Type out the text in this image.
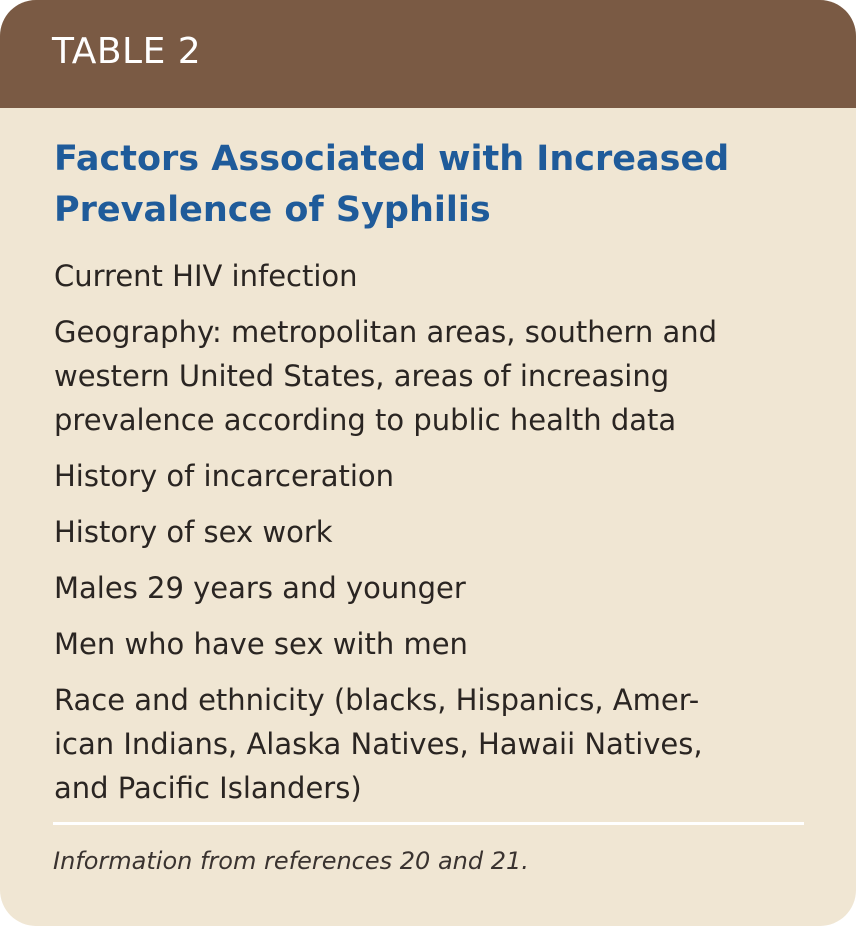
TABLE 2
Factors Associated with Increased
Prevalence of Syphilis
Current HIV infection
Geography: metropolitan areas, southern and
western United States, areas of increasing
prevalence according to public health data
History of incarceration
History of sex work
Males 29 years and younger
Men who have sex with men
Race and ethnicity (blacks, Hispanics, Amer-
ican Indians, Alaska Natives, Hawaii Natives,
and Pacific Islanders)
Information from references 20 and 21.
